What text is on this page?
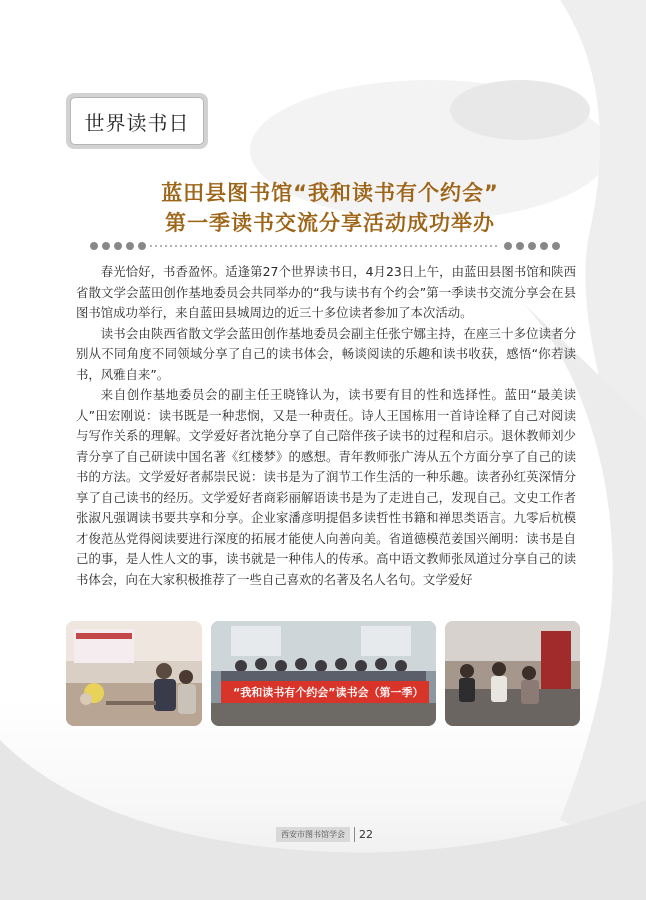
世界读书日
蓝田县图书馆“我和读书有个约会”
第一季读书交流分享活动成功举办

春光恰好，书香盈怀。适逢第27个世界读书日，4月23日上午，由蓝田县图书馆和陕西省散文学会蓝田创作基地委员会共同举办的“我与读书有个约会”第一季读书交流分享会在县图书馆成功举行，来自蓝田县城周边的近三十多位读者参加了本次活动。

读书会由陕西省散文学会蓝田创作基地委员会副主任张宁娜主持，在座三十多位读者分别从不同角度不同领域分享了自己的读书体会，畅谈阅读的乐趣和读书收获，感悟“你若读书，风雅自来”。

来自创作基地委员会的副主任王晓锋认为，读书要有目的性和选择性。蓝田“最美读人”田宏刚说：读书既是一种悲悯，又是一种责任。诗人王国栋用一首诗诠释了自己对阅读与写作关系的理解。文学爱好者沈艳分享了自己陪伴孩子读书的过程和启示。退休教师刘少青分享了自己研读中国名著《红楼梦》的感想。青年教师张广涛从五个方面分享了自己的读书的方法。文学爱好者郝崇民说：读书是为了润节工作生活的一种乐趣。读者孙红英深情分享了自己读书的经历。文学爱好者商彩丽解语读书是为了走进自己，发现自己。文史工作者张淑凡强调读书要共享和分享。企业家潘彦明提倡多读哲性书籍和禅思类语言。九零后杭模才俊范丛党得阅读要进行深度的拓展才能使人向善向美。省道德模范姜国兴阐明：读书是自己的事，是人性人文的事，读书就是一种伟人的传承。高中语文教师张凤道过分享自己的读书体会，向在大家积极推荐了一些自己喜欢的名著及名人名句。文学爱好

“我和读书有个约会”读书会（第一季）
西安市图书馆学会	22
